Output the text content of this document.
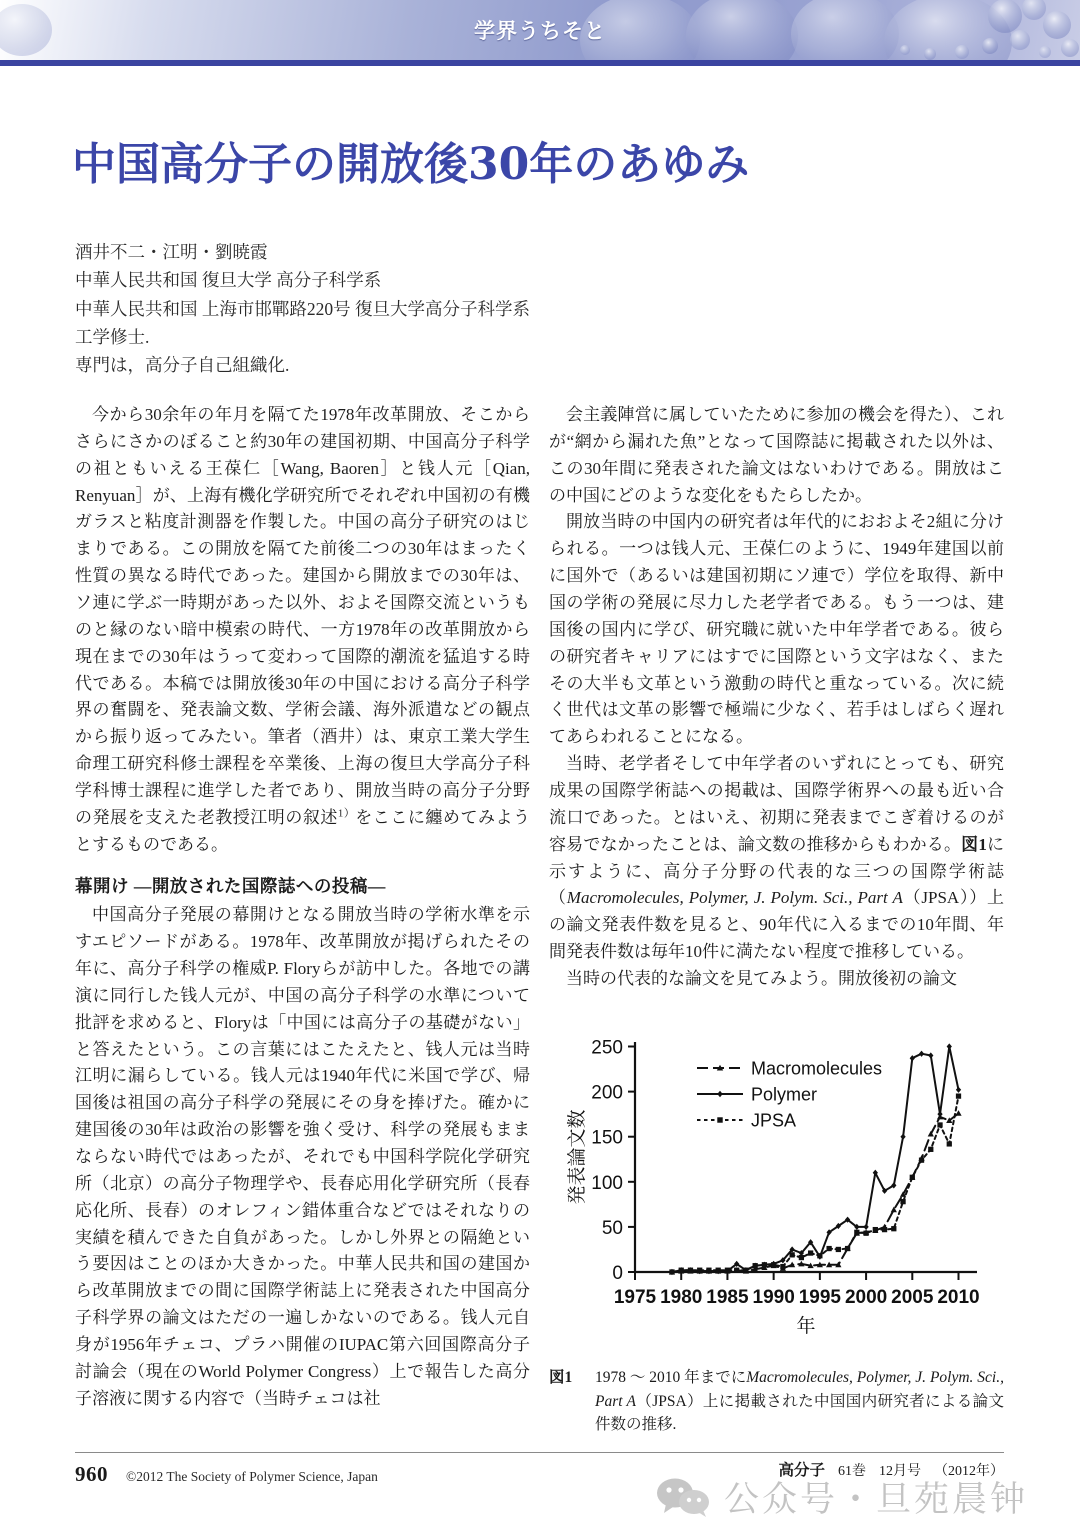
学界うちそと
中国高分子の開放後30年のあゆみ
酒井不二・江明・劉暁霞
中華人民共和国 復旦大学 高分子科学系
中華人民共和国 上海市邯鄲路220号 復旦大学高分子科学系
工学修士.
専門は，高分子自己組織化.

今から30余年の年月を隔てた1978年改革開放、そこからさらにさかのぼること約30年の建国初期、中国高分子科学の祖ともいえる王葆仁［Wang, Baoren］と钱人元［Qian, Renyuan］が、上海有機化学研究所でそれぞれ中国初の有機ガラスと粘度計測器を作製した。中国の高分子研究のはじまりである。この開放を隔てた前後二つの30年はまったく性質の異なる時代であった。建国から開放までの30年は、ソ連に学ぶ一時期があった以外、およそ国際交流というものと縁のない暗中模索の時代、一方1978年の改革開放から現在までの30年はうって変わって国際的潮流を猛追する時代である。本稿では開放後30年の中国における高分子科学界の奮闘を、発表論文数、学術会議、海外派遣などの観点から振り返ってみたい。筆者（酒井）は、東京工業大学生命理工研究科修士課程を卒業後、上海の復旦大学高分子科学科博士課程に進学した者であり、開放当時の高分子分野の発展を支えた老教授江明の叙述$^{1)}$をここに纏めてみようとするものである。

幕開け ―開放された国際誌への投稿―

中国高分子発展の幕開けとなる開放当時の学術水準を示すエピソードがある。1978年、改革開放が掲げられたその年に、高分子科学の権威P. Floryらが訪中した。各地での講演に同行した钱人元が、中国の高分子科学の水準について批評を求めると、Floryは「中国には高分子の基礎がない」と答えたという。この言葉にはこたえたと、钱人元は当時江明に漏らしている。钱人元は1940年代に米国で学び、帰国後は祖国の高分子科学の発展にその身を捧げた。確かに建国後の30年は政治の影響を強く受け、科学の発展もままならない時代ではあったが、それでも中国科学院化学研究所（北京）の高分子物理学や、長春応用化学研究所（長春応化所、長春）のオレフィン錯体重合などではそれなりの実績を積んできた自負があった。しかし外界との隔絶という要因はことのほか大きかった。中華人民共和国の建国から改革開放までの間に国際学術誌上に発表された中国高分子科学界の論文はただの一遍しかないのである。钱人元自身が1956年チェコ、プラハ開催のIUPAC第六回国際高分子討論会（現在のWorld Polymer Congress）上で報告した高分子溶液に関する内容で（当時チェコは社

会主義陣営に属していたために参加の機会を得た）、これが“網から漏れた魚”となって国際誌に掲載された以外は、この30年間に発表された論文はないわけである。開放はこの中国にどのような変化をもたらしたか。

開放当時の中国内の研究者は年代的におおよそ2組に分けられる。一つは钱人元、王葆仁のように、1949年建国以前に国外で（あるいは建国初期にソ連で）学位を取得、新中国の学術の発展に尽力した老学者である。もう一つは、建国後の国内に学び、研究職に就いた中年学者である。彼らの研究者キャリアにはすでに国際という文字はなく、またその大半も文革という激動の時代と重なっている。次に続く世代は文革の影響で極端に少なく、若手はしばらく遅れてあらわれることになる。

当時、老学者そして中年学者のいずれにとっても、研究成果の国際学術誌への掲載は、国際学術界への最も近い合流口であった。とはいえ、初期に発表までこぎ着けるのが容易でなかったことは、論文数の推移からもわかる。図1に示すように、高分子分野の代表的な三つの国際学術誌（Macromolecules, Polymer, J. Polym. Sci., Part A（JPSA））上の論文発表件数を見ると、90年代に入るまでの10年間、年間発表件数は毎年10件に満たない程度で推移している。

当時の代表的な論文を見てみよう。開放後初の論文

0
50
100
150
200
250
1975 1980 1985 1990 1995 2000 2005 2010
年
発表論文数
Macromolecules
Polymer
JPSA
図1	1978 ～ 2010 年までにMacromolecules, Polymer, J. Polym. Sci., Part A（JPSA）上に掲載された中国国内研究者による論文件数の推移.
960 ©2012 The Society of Polymer Science, Japan	高分子 61巻 12月号 （2012年）
公众号・旦苑晨钟
